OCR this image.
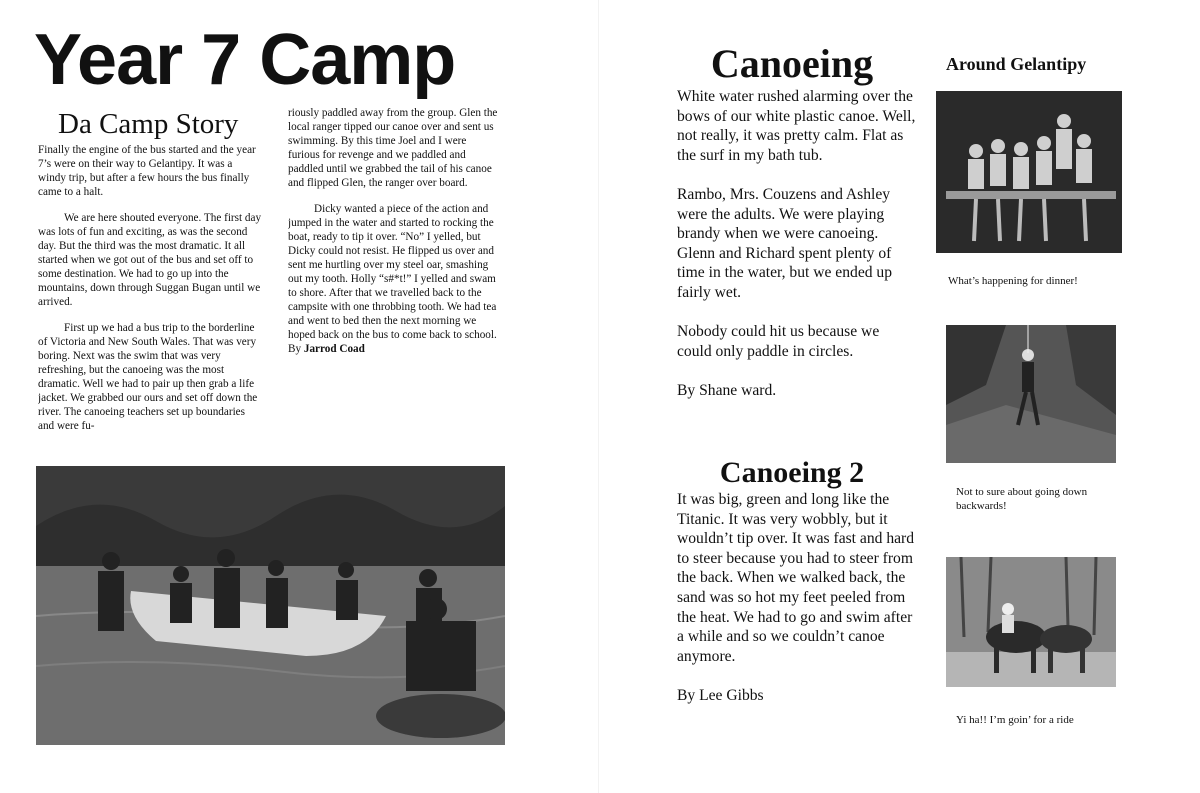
Year 7 Camp
Da Camp Story

Finally the engine of the bus started and the year 7’s were on their way to Gelantipy. It was a windy trip, but after a few hours the bus finally came to a halt.

We are here shouted everyone. The first day was lots of fun and exciting, as was the second day. But the third was the most dramatic. It all started when we got out of the bus and set off to some destination. We had to go up into the mountains, down through Suggan Bugan until we arrived.

First up we had a bus trip to the borderline of Victoria and New South Wales. That was very boring. Next was the swim that was very refreshing, but the canoeing was the most dramatic. Well we had to pair up then grab a life jacket. We grabbed our ours and set off down the river. The canoeing teachers set up boundaries and were fu-

riously paddled away from the group. Glen the local ranger tipped our canoe over and sent us swimming. By this time Joel and I were furious for revenge and we paddled and paddled until we grabbed the tail of his canoe and flipped Glen, the ranger over board.

Dicky wanted a piece of the action and jumped in the water and started to rocking the boat, ready to tip it over. “No” I yelled, but Dicky could not resist. He flipped us over and sent me hurtling over my steel oar, smashing out my tooth. Holly “s#*t!” I yelled and swam to shore. After that we travelled back to the campsite with one throbbing tooth. We had tea and went to bed then the next morning we hoped back on the bus to come back to school.

By Jarrod Coad
Canoeing

White water rushed alarming over the bows of our white plastic canoe. Well, not really, it was pretty calm. Flat as the surf in my bath tub.

Rambo, Mrs. Couzens and Ashley were the adults. We were playing brandy when we were canoeing. Glenn and Richard spent plenty of time in the water, but we ended up fairly wet.

Nobody could hit us because we could only paddle in circles.

By Shane ward.

Canoeing 2

It was big, green and long like the Titanic. It was very wobbly, but it wouldn’t tip over. It was fast and hard to steer because you had to steer from the back. When we walked back, the sand was so hot my feet peeled from the heat. We had to go and swim after a while and so we couldn’t canoe anymore.

By Lee Gibbs

Around Gelantipy
What’s happening for dinner!
Not to sure about going down backwards!
Yi ha!! I’m goin’ for a ride
